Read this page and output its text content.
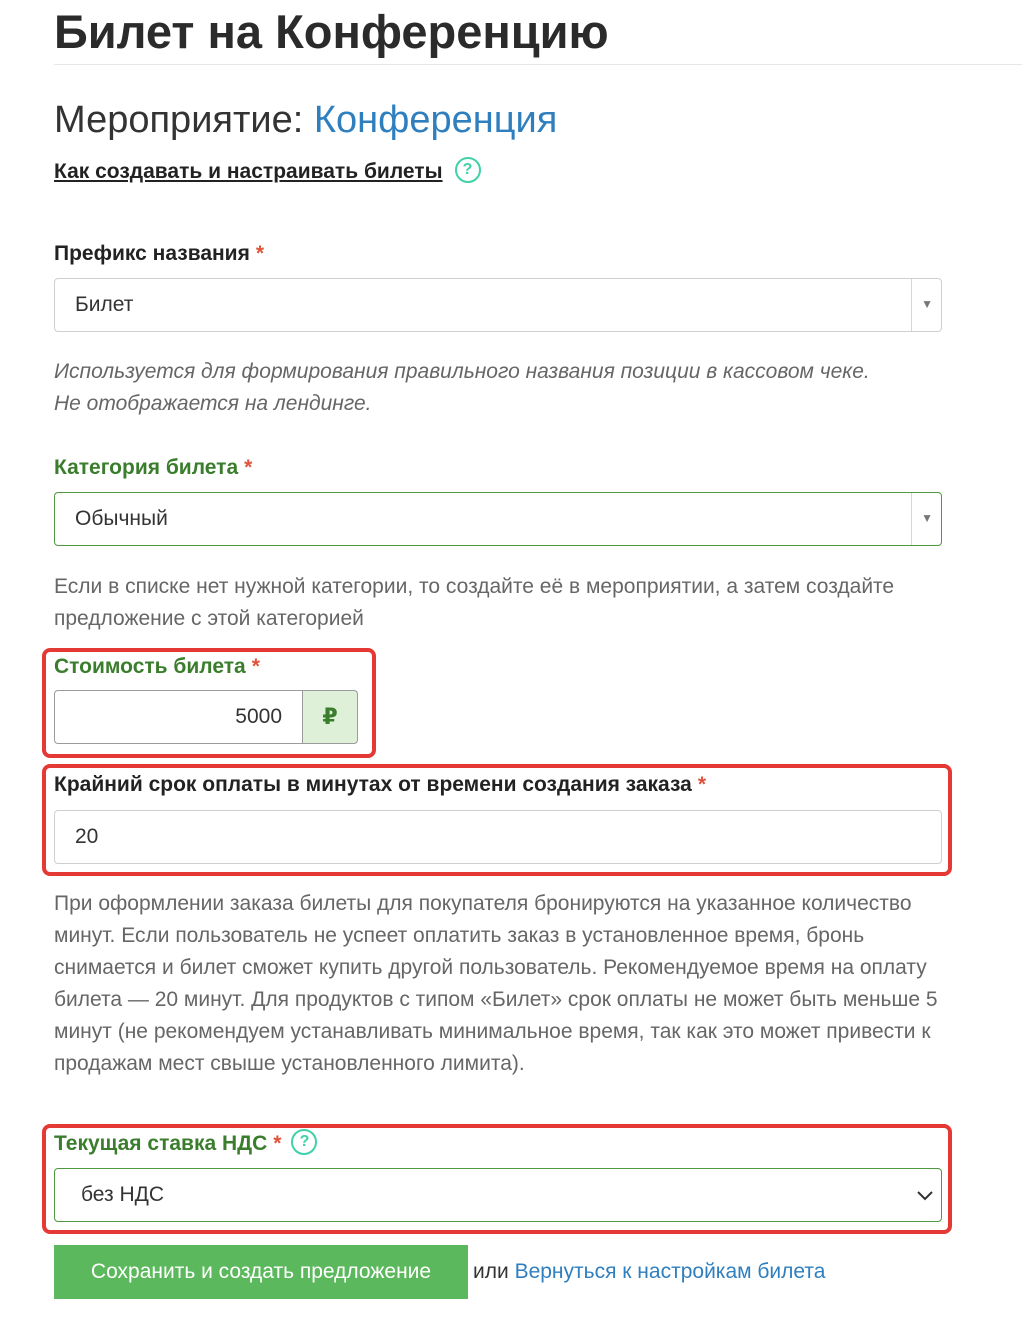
Билет на Конференцию
Мероприятие: Конференция
Как создавать и настраивать билеты ?
Префикс названия *
Билет	▼

Используется для формирования правильного названия позиции в кассовом чеке.

Не отображается на лендинге.

Категория билета *
Обычный	▼
Если в списке нет нужной категории, то создайте её в мероприятии, а затем создайте предложение с этой категорией
Стоимость билета *
5000	₽
Крайний срок оплаты в минутах от времени создания заказа *
20
При оформлении заказа билеты для покупателя бронируются на указанное количество минут. Если пользователь не успеет оплатить заказ в установленное время, бронь снимается и билет сможет купить другой пользователь. Рекомендуемое время на оплату билета — 20 минут. Для продуктов с типом «Билет» срок оплаты не может быть меньше 5 минут (не рекомендуем устанавливать минимальное время, так как это может привести к продажам мест свыше установленного лимита).
Текущая ставка НДС * ?
без НДС
Сохранить и создать предложение	или Вернуться к настройкам билета
